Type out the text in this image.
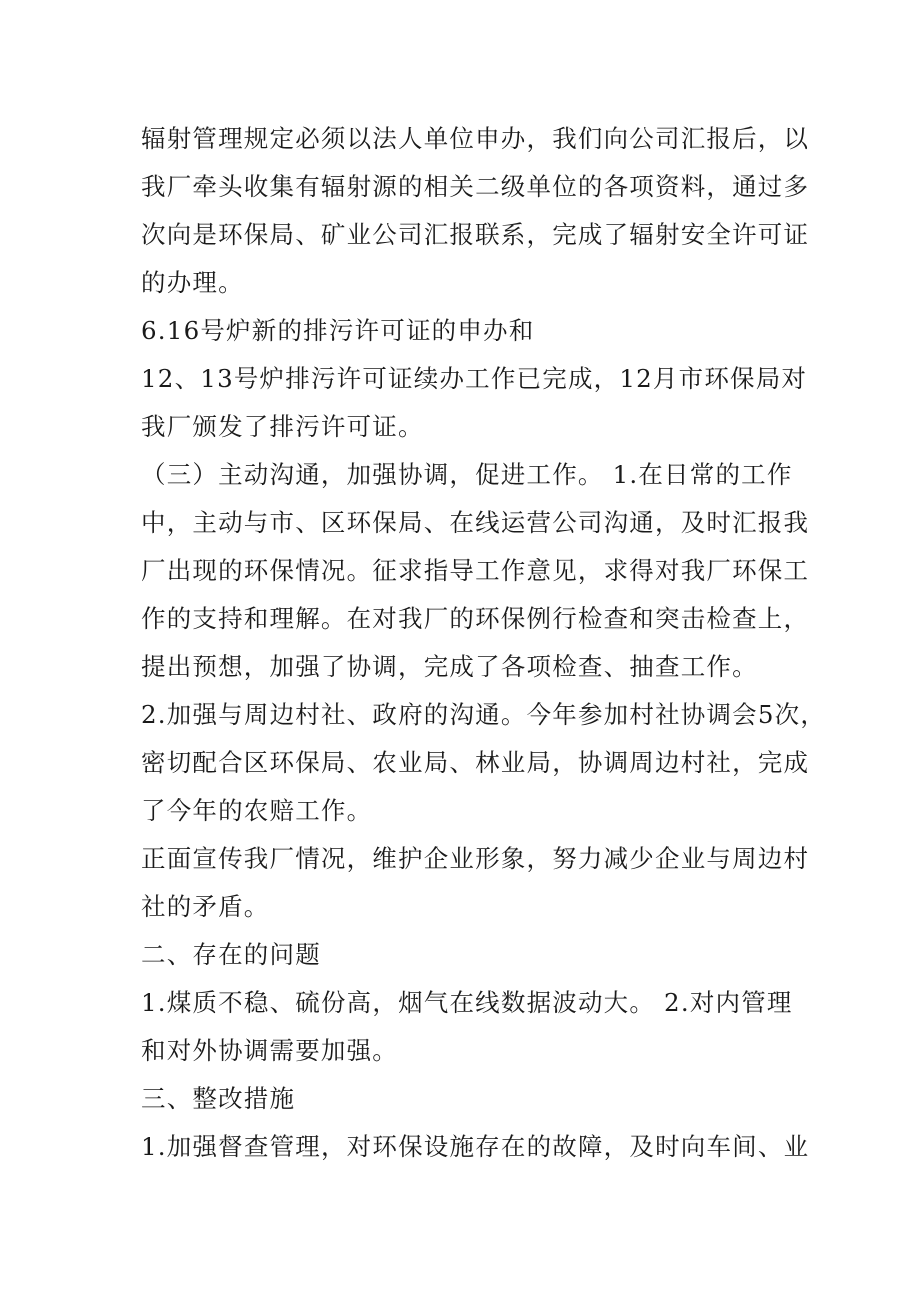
辐射管理规定必须以法人单位申办，我们向公司汇报后，以
我厂牵头收集有辐射源的相关二级单位的各项资料，通过多
次向是环保局、矿业公司汇报联系，完成了辐射安全许可证
的办理。
6.16号炉新的排污许可证的申办和
12、13号炉排污许可证续办工作已完成，12月市环保局对
我厂颁发了排污许可证。
（三）主动沟通，加强协调，促进工作。 1.在日常的工作
中，主动与市、区环保局、在线运营公司沟通，及时汇报我
厂出现的环保情况。征求指导工作意见，求得对我厂环保工
作的支持和理解。在对我厂的环保例行检查和突击检查上，
提出预想，加强了协调，完成了各项检查、抽查工作。
2.加强与周边村社、政府的沟通。今年参加村社协调会5次，
密切配合区环保局、农业局、林业局，协调周边村社，完成
了今年的农赔工作。
正面宣传我厂情况，维护企业形象，努力减少企业与周边村
社的矛盾。
二、存在的问题
1.煤质不稳、硫份高，烟气在线数据波动大。 2.对内管理
和对外协调需要加强。
三、整改措施
1.加强督查管理，对环保设施存在的故障，及时向车间、业
